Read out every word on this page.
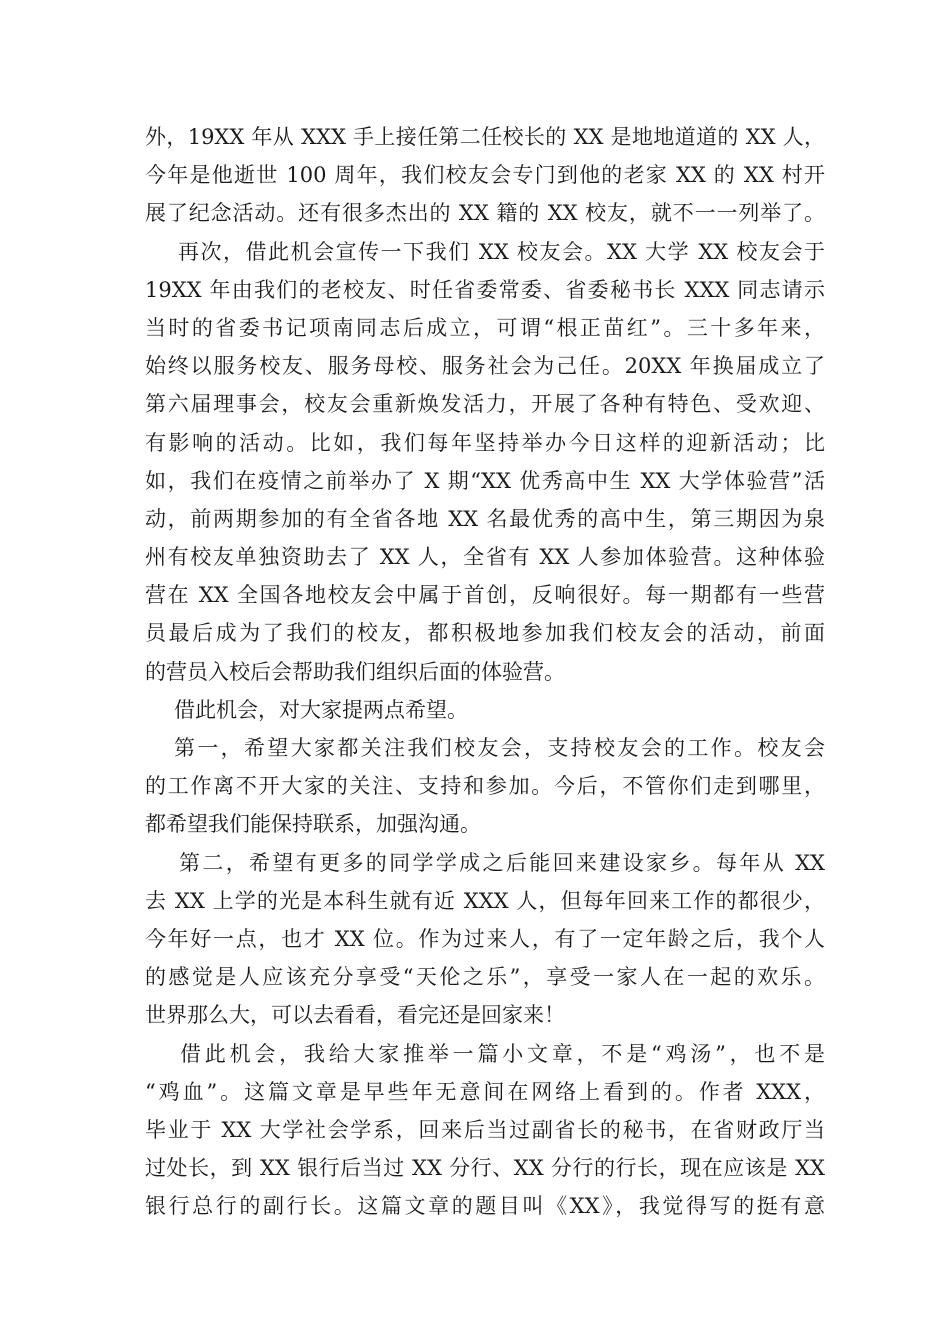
外，19XX 年从 XXX 手上接任第二任校长的 XX 是地地道道的 XX 人，
今年是他逝世 100 周年，我们校友会专门到他的老家 XX 的 XX 村开
展了纪念活动。还有很多杰出的 XX 籍的 XX 校友，就不一一列举了。
再次，借此机会宣传一下我们 XX 校友会。XX 大学 XX 校友会于
19XX 年由我们的老校友、时任省委常委、省委秘书长 XXX 同志请示
当时的省委书记项南同志后成立，可谓“根正苗红”。三十多年来，
始终以服务校友、服务母校、服务社会为己任。20XX 年换届成立了
第六届理事会，校友会重新焕发活力，开展了各种有特色、受欢迎、
有影响的活动。比如，我们每年坚持举办今日这样的迎新活动；比
如，我们在疫情之前举办了 X 期“XX 优秀高中生 XX 大学体验营”活
动，前两期参加的有全省各地 XX 名最优秀的高中生，第三期因为泉
州有校友单独资助去了 XX 人，全省有 XX 人参加体验营。这种体验
营在 XX 全国各地校友会中属于首创，反响很好。每一期都有一些营
员最后成为了我们的校友，都积极地参加我们校友会的活动，前面
的营员入校后会帮助我们组织后面的体验营。
借此机会，对大家提两点希望。
第一，希望大家都关注我们校友会，支持校友会的工作。校友会
的工作离不开大家的关注、支持和参加。今后，不管你们走到哪里，
都希望我们能保持联系，加强沟通。
第二，希望有更多的同学学成之后能回来建设家乡。每年从 XX
去 XX 上学的光是本科生就有近 XXX 人，但每年回来工作的都很少，
今年好一点，也才 XX 位。作为过来人，有了一定年龄之后，我个人
的感觉是人应该充分享受“天伦之乐”，享受一家人在一起的欢乐。
世界那么大，可以去看看，看完还是回家来！
借此机会，我给大家推举一篇小文章，不是“鸡汤”，也不是
“鸡血”。这篇文章是早些年无意间在网络上看到的。作者 XXX，
毕业于 XX 大学社会学系，回来后当过副省长的秘书，在省财政厅当
过处长，到 XX 银行后当过 XX 分行、XX 分行的行长，现在应该是 XX
银行总行的副行长。这篇文章的题目叫《XX》，我觉得写的挺有意
